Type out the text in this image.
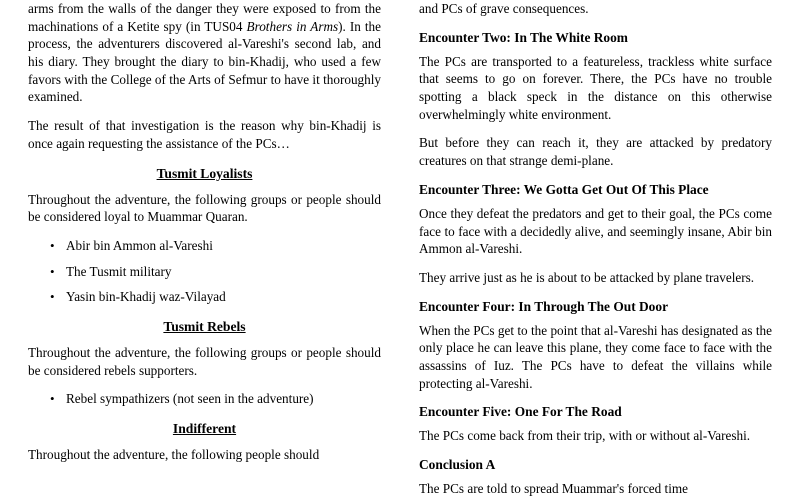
arms from the walls of the danger they were exposed to from the machinations of a Ketite spy (in TUS04 Brothers in Arms). In the process, the adventurers discovered al-Vareshi's second lab, and his diary. They brought the diary to bin-Khadij, who used a few favors with the College of the Arts of Sefmur to have it thoroughly examined.

The result of that investigation is the reason why bin-Khadij is once again requesting the assistance of the PCs…

Tusmit Loyalists

Throughout the adventure, the following groups or people should be considered loyal to Muammar Quaran.

• Abir bin Ammon al-Vareshi
• The Tusmit military
• Yasin bin-Khadij waz-Vilayad
Tusmit Rebels

Throughout the adventure, the following groups or people should be considered rebels supporters.

• Rebel sympathizers (not seen in the adventure)
Indifferent

Throughout the adventure, the following people should

and PCs of grave consequences.

Encounter Two: In The White Room

The PCs are transported to a featureless, trackless white surface that seems to go on forever. There, the PCs have no trouble spotting a black speck in the distance on this otherwise overwhelmingly white environment.

But before they can reach it, they are attacked by predatory creatures on that strange demi-plane.

Encounter Three: We Gotta Get Out Of This Place

Once they defeat the predators and get to their goal, the PCs come face to face with a decidedly alive, and seemingly insane, Abir bin Ammon al-Vareshi.

They arrive just as he is about to be attacked by plane travelers.

Encounter Four: In Through The Out Door

When the PCs get to the point that al-Vareshi has designated as the only place he can leave this plane, they come face to face with the assassins of Iuz. The PCs have to defeat the villains while protecting al-Vareshi.

Encounter Five: One For The Road

The PCs come back from their trip, with or without al-Vareshi.

Conclusion A

The PCs are told to spread Muammar's forced time
